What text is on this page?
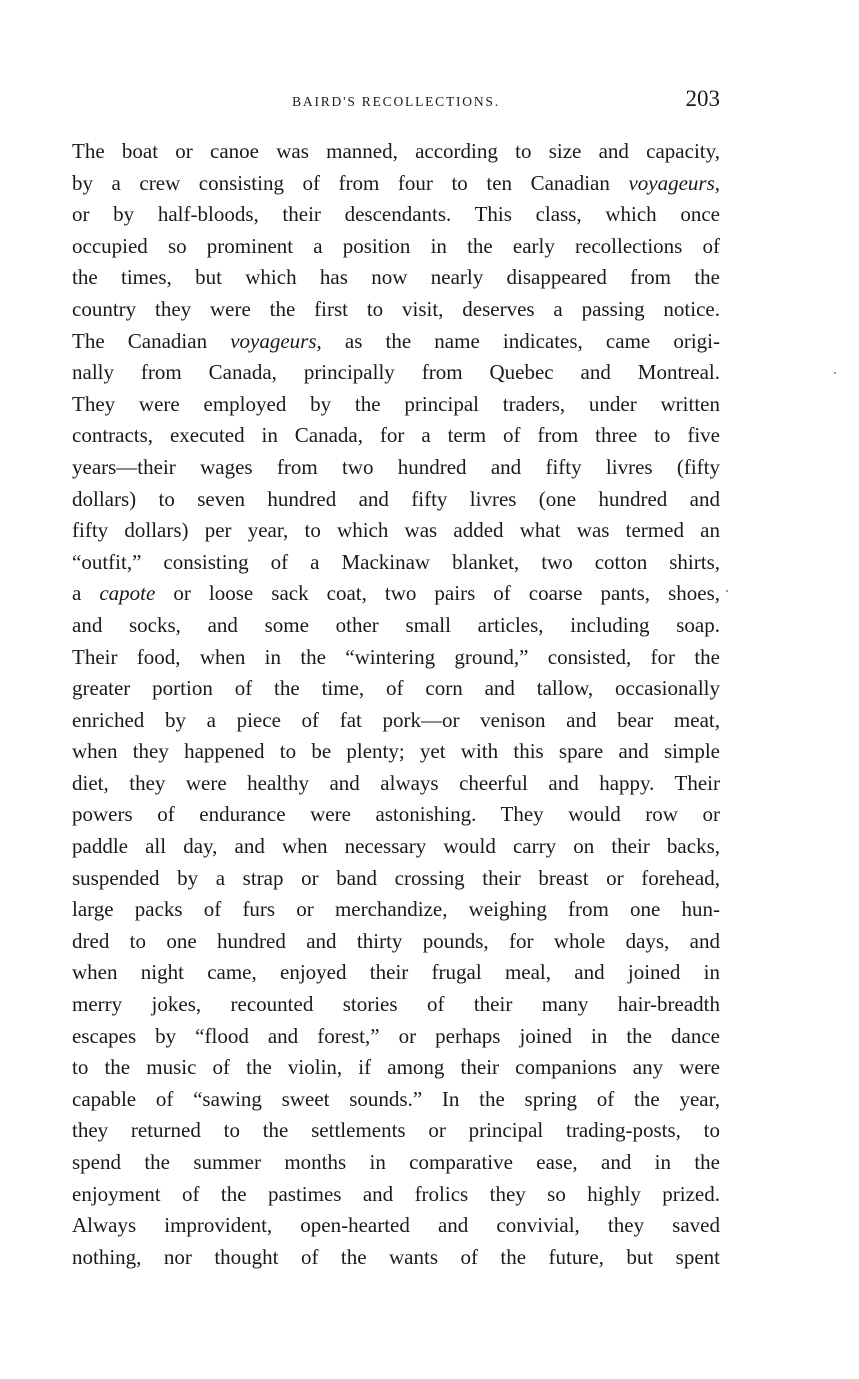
BAIRD'S RECOLLECTIONS.	203
The boat or canoe was manned, according to size and capacity,
by a crew consisting of from four to ten Canadian voyageurs,
or by half-bloods, their descendants. This class, which once
occupied so prominent a position in the early recollections of
the times, but which has now nearly disappeared from the
country they were the first to visit, deserves a passing notice.
The Canadian voyageurs, as the name indicates, came origi-
nally from Canada, principally from Quebec and Montreal.
They were employed by the principal traders, under written
contracts, executed in Canada, for a term of from three to five
years—their wages from two hundred and fifty livres (fifty
dollars) to seven hundred and fifty livres (one hundred and
fifty dollars) per year, to which was added what was termed an
“outfit,” consisting of a Mackinaw blanket, two cotton shirts,
a capote or loose sack coat, two pairs of coarse pants, shoes,
and socks, and some other small articles, including soap.
Their food, when in the “wintering ground,” consisted, for the
greater portion of the time, of corn and tallow, occasionally
enriched by a piece of fat pork—or venison and bear meat,
when they happened to be plenty; yet with this spare and simple
diet, they were healthy and always cheerful and happy. Their
powers of endurance were astonishing. They would row or
paddle all day, and when necessary would carry on their backs,
suspended by a strap or band crossing their breast or forehead,
large packs of furs or merchandize, weighing from one hun-
dred to one hundred and thirty pounds, for whole days, and
when night came, enjoyed their frugal meal, and joined in
merry jokes, recounted stories of their many hair-breadth
escapes by “flood and forest,” or perhaps joined in the dance
to the music of the violin, if among their companions any were
capable of “sawing sweet sounds.” In the spring of the year,
they returned to the settlements or principal trading-posts, to
spend the summer months in comparative ease, and in the
enjoyment of the pastimes and frolics they so highly prized.
Always improvident, open-hearted and convivial, they saved
nothing, nor thought of the wants of the future, but spent
